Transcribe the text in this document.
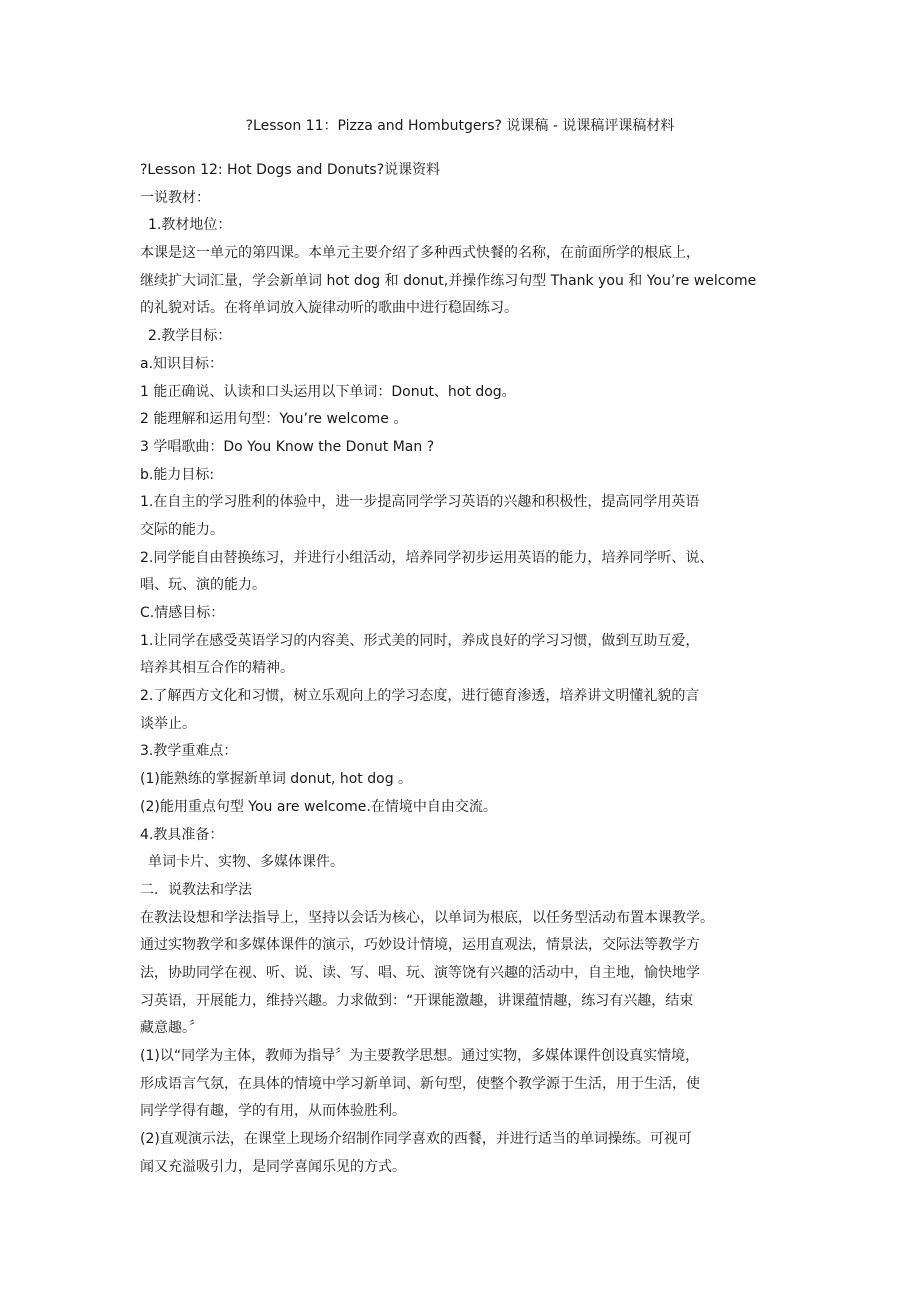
?Lesson 11：Pizza and Hombutgers? 说课稿 - 说课稿评课稿材料
?Lesson 12: Hot Dogs and Donuts?说课资料
一说教材：
1.教材地位：
本课是这一单元的第四课。本单元主要介绍了多种西式快餐的名称，在前面所学的根底上，
继续扩大词汇量，学会新单词 hot dog 和 donut,并操作练习句型 Thank you 和 You’re welcome
的礼貌对话。在将单词放入旋律动听的歌曲中进行稳固练习。
2.教学目标：
a.知识目标：
1 能正确说、认读和口头运用以下单词：Donut、hot dog。
2 能理解和运用句型：You’re welcome 。
3 学唱歌曲：Do You Know the Donut Man ?
b.能力目标:
1.在自主的学习胜利的体验中，进一步提高同学学习英语的兴趣和积极性，提高同学用英语
交际的能力。
2.同学能自由替换练习，并进行小组活动，培养同学初步运用英语的能力，培养同学听、说、
唱、玩、演的能力。
C.情感目标：
1.让同学在感受英语学习的内容美、形式美的同时，养成良好的学习习惯，做到互助互爱，
培养其相互合作的精神。
2.了解西方文化和习惯，树立乐观向上的学习态度，进行德育渗透，培养讲文明懂礼貌的言
谈举止。
3.教学重难点：
(1)能熟练的掌握新单词 donut, hot dog 。
(2)能用重点句型 You are welcome.在情境中自由交流。
4.教具准备：
单词卡片、实物、多媒体课件。
二．说教法和学法
在教法设想和学法指导上，坚持以会话为核心，以单词为根底，以任务型活动布置本课教学。
通过实物教学和多媒体课件的演示，巧妙设计情境，运用直观法，情景法，交际法等教学方
法，协助同学在视、听、说、读、写、唱、玩、演等饶有兴趣的活动中，自主地，愉快地学
习英语，开展能力，维持兴趣。力求做到：“开课能激趣，讲课蕴情趣，练习有兴趣，结束
藏意趣。〞
(1)以“同学为主体，教师为指导〞为主要教学思想。通过实物，多媒体课件创设真实情境，
形成语言气氛，在具体的情境中学习新单词、新句型，使整个教学源于生活，用于生活，使
同学学得有趣，学的有用，从而体验胜利。
(2)直观演示法，在课堂上现场介绍制作同学喜欢的西餐，并进行适当的单词操练。可视可
闻又充溢吸引力，是同学喜闻乐见的方式。
